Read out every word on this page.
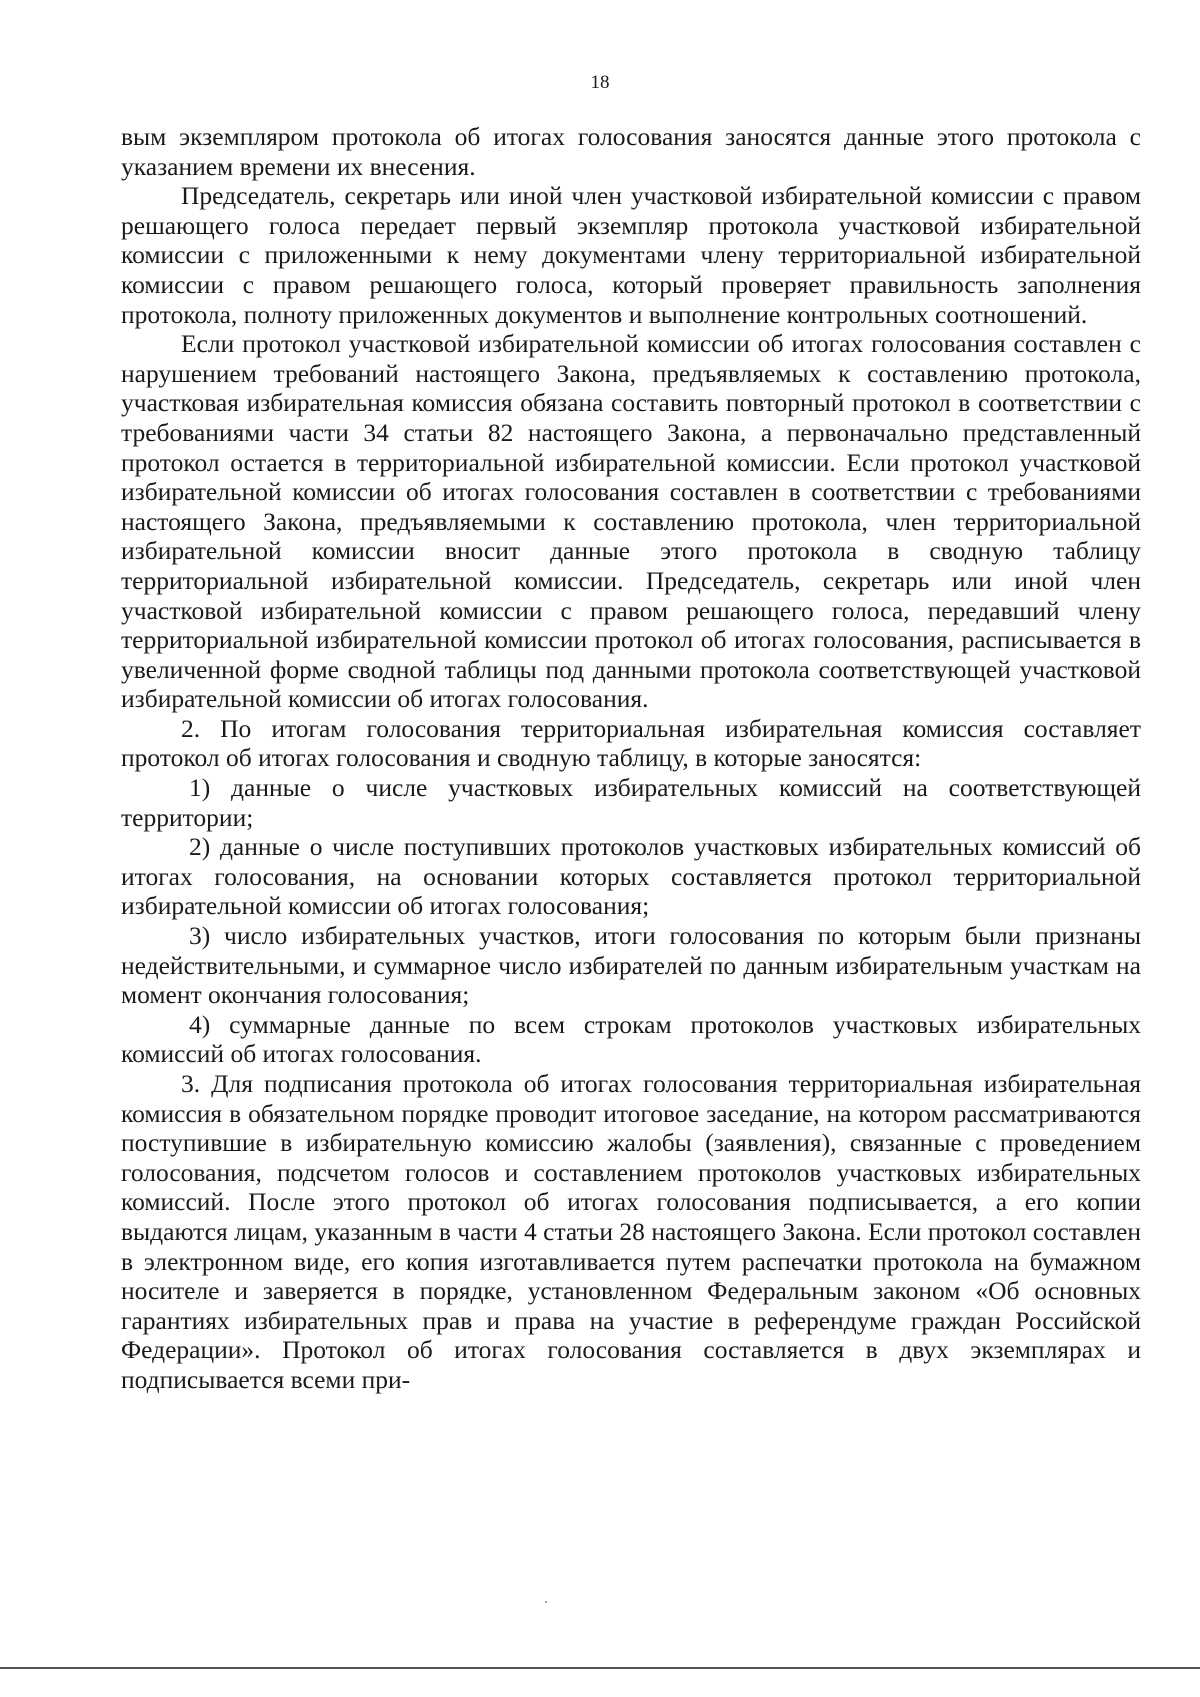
18

вым экземпляром протокола об итогах голосования заносятся данные этого протокола с указанием времени их внесения.

Председатель, секретарь или иной член участковой избирательной комиссии с правом решающего голоса передает первый экземпляр протокола участковой избирательной комиссии с приложенными к нему документами члену территориальной избирательной комиссии с правом решающего голоса, который проверяет правильность заполнения протокола, полноту приложенных документов и выполнение контрольных соотношений.

Если протокол участковой избирательной комиссии об итогах голосования составлен с нарушением требований настоящего Закона, предъявляемых к составлению протокола, участковая избирательная комиссия обязана составить повторный протокол в соответствии с требованиями части 34 статьи 82 настоящего Закона, а первоначально представленный протокол остается в территориальной избирательной комиссии. Если протокол участковой избирательной комиссии об итогах голосования составлен в соответствии с требованиями настоящего Закона, предъявляемыми к составлению протокола, член территориальной избирательной комиссии вносит данные этого протокола в сводную таблицу территориальной избирательной комиссии. Председатель, секретарь или иной член участковой избирательной комиссии с правом решающего голоса, передавший члену территориальной избирательной комиссии протокол об итогах голосования, расписывается в увеличенной форме сводной таблицы под данными протокола соответствующей участковой избирательной комиссии об итогах голосования.

2. По итогам голосования территориальная избирательная комиссия составляет протокол об итогах голосования и сводную таблицу, в которые заносятся:

1) данные о числе участковых избирательных комиссий на соответствующей территории;

2) данные о числе поступивших протоколов участковых избирательных комиссий об итогах голосования, на основании которых составляется протокол территориальной избирательной комиссии об итогах голосования;

3) число избирательных участков, итоги голосования по которым были признаны недействительными, и суммарное число избирателей по данным избирательным участкам на момент окончания голосования;

4) суммарные данные по всем строкам протоколов участковых избирательных комиссий об итогах голосования.

3. Для подписания протокола об итогах голосования территориальная избирательная комиссия в обязательном порядке проводит итоговое заседание, на котором рассматриваются поступившие в избирательную комиссию жалобы (заявления), связанные с проведением голосования, подсчетом голосов и составлением протоколов участковых избирательных комиссий. После этого протокол об итогах голосования подписывается, а его копии выдаются лицам, указанным в части 4 статьи 28 настоящего Закона. Если протокол составлен в электронном виде, его копия изготавливается путем распечатки протокола на бумажном носителе и заверяется в порядке, установленном Федеральным законом «Об основных гарантиях избирательных прав и права на участие в референдуме граждан Российской Федерации». Протокол об итогах голосования составляется в двух экземплярах и подписывается всеми при-
